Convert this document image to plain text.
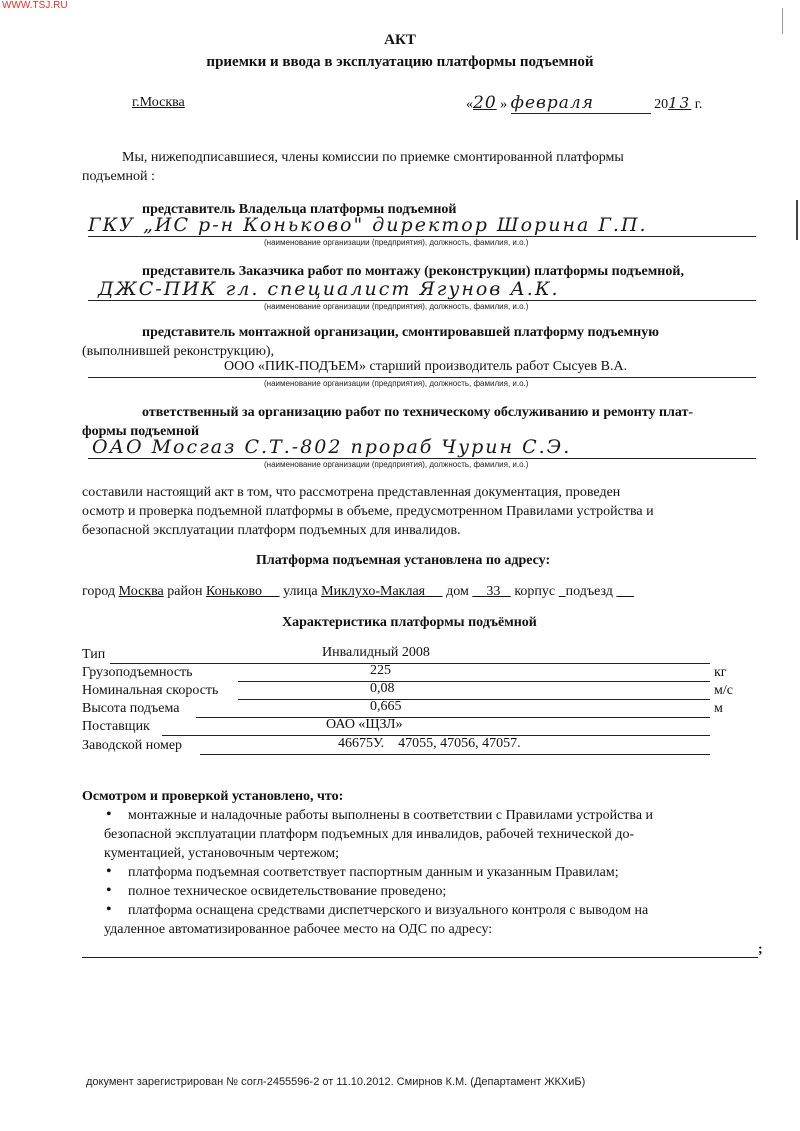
WWW.TSJ.RU
АКТ
приемки и ввода в эксплуатацию платформы подъемной
г.Москва	«20 » февраля	2013 г.
Мы, нижеподписавшиеся, члены комиссии по приемке смонтированной платформы
подъемной :
представитель Владельца платформы подъемной
ГКУ „ИС р-н Коньково" директор Шорина Г.П.
(наименование организации (предприятия), должность, фамилия, и.о.)
представитель Заказчика работ по монтажу (реконструкции) платформы подъемной,
ДЖС-ПИК гл. специалист Ягунов А.К.
(наименование организации (предприятия), должность, фамилия, и.о.)
представитель монтажной организации, смонтировавшей платформу подъемную
(выполнившей реконструкцию),
ООО «ПИК-ПОДЪЕМ» старший производитель работ Сысуев В.А.
(наименование организации (предприятия), должность, фамилия, и.о.)
ответственный за организацию работ по техническому обслуживанию и ремонту плат-
формы подъемной
ОАО Мосгаз С.Т.-802 прораб Чурин С.Э.
(наименование организации (предприятия), должность, фамилия, и.о.)
составили настоящий акт в том, что рассмотрена представленная документация, проведен
осмотр и проверка подъемной платформы в объеме, предусмотренном Правилами устройства и
безопасной эксплуатации платформ подъемных для инвалидов.
Платформа подъемная установлена по адресу:
город Москва район Коньково улица Миклухо-Маклая дом 33 корпус подъезд
Характеристика платформы подъёмной
Тип	Инвалидный 2008
Грузоподъемность	225	кг
Номинальная скорость	0,08	м/с
Высота подъема	0,665	м
Поставщик	ОАО «ЩЗЛ»
Заводской номер	46675У.    47055, 47056, 47057.
Осмотром и проверкой установлено, что:
• монтажные и наладочные работы выполнены в соответствии с Правилами устройства и
безопасной эксплуатации платформ подъемных для инвалидов, рабочей технической до-
кументацией, установочным чертежом;
• платформа подъемная соответствует паспортным данным и указанным Правилам;
• полное техническое освидетельствование проведено;
• платформа оснащена средствами диспетчерского и визуального контроля с выводом на
удаленное автоматизированное рабочее место на ОДС по адресу:
;
документ зарегистрирован № согл-2455596-2 от 11.10.2012. Смирнов К.М. (Департамент ЖКХиБ)
